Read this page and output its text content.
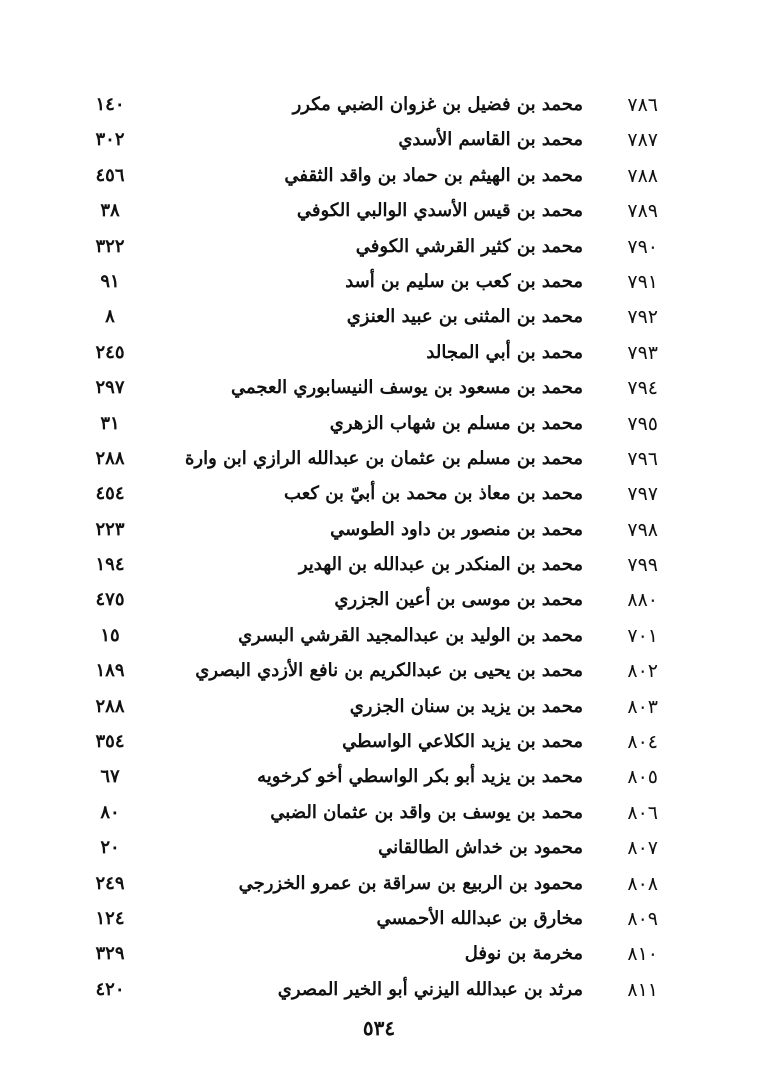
٧٨٦
محمد بن فضيل بن غزوان الضبي مكرر
١٤٠
٧٨٧
محمد بن القاسم الأسدي
٣٠٢
٧٨٨
محمد بن الهيثم بن حماد بن واقد الثقفي
٤٥٦
٧٨٩
محمد بن قيس الأسدي الوالبي الكوفي
٣٨
٧٩٠
محمد بن كثير القرشي الكوفي
٣٢٢
٧٩١
محمد بن كعب بن سليم بن أسد
٩١
٧٩٢
محمد بن المثنى بن عبيد العنزي
٨
٧٩٣
محمد بن أبي المجالد
٢٤٥
٧٩٤
محمد بن مسعود بن يوسف النيسابوري العجمي
٢٩٧
٧٩٥
محمد بن مسلم بن شهاب الزهري
٣١
٧٩٦
محمد بن مسلم بن عثمان بن عبدالله الرازي ابن وارة
٢٨٨
٧٩٧
محمد بن معاذ بن محمد بن أبيّ بن كعب
٤٥٤
٧٩٨
محمد بن منصور بن داود الطوسي
٢٢٣
٧٩٩
محمد بن المنكدر بن عبدالله بن الهدير
١٩٤
٨٨٠
محمد بن موسى بن أعين الجزري
٤٧٥
٧٠١
محمد بن الوليد بن عبدالمجيد القرشي البسري
١٥
٨٠٢
محمد بن يحيى بن عبدالكريم بن نافع الأزدي البصري
١٨٩
٨٠٣
محمد بن يزيد بن سنان الجزري
٢٨٨
٨٠٤
محمد بن يزيد الكلاعي الواسطي
٣٥٤
٨٠٥
محمد بن يزيد أبو بكر الواسطي أخو كرخويه
٦٧
٨٠٦
محمد بن يوسف بن واقد بن عثمان الضبي
٨٠
٨٠٧
محمود بن خداش الطالقاني
٢٠
٨٠٨
محمود بن الربيع بن سراقة بن عمرو الخزرجي
٢٤٩
٨٠٩
مخارق بن عبدالله الأحمسي
١٢٤
٨١٠
مخرمة بن نوفل
٣٢٩
٨١١
مرثد بن عبدالله اليزني أبو الخير المصري
٤٢٠
٥٣٤
